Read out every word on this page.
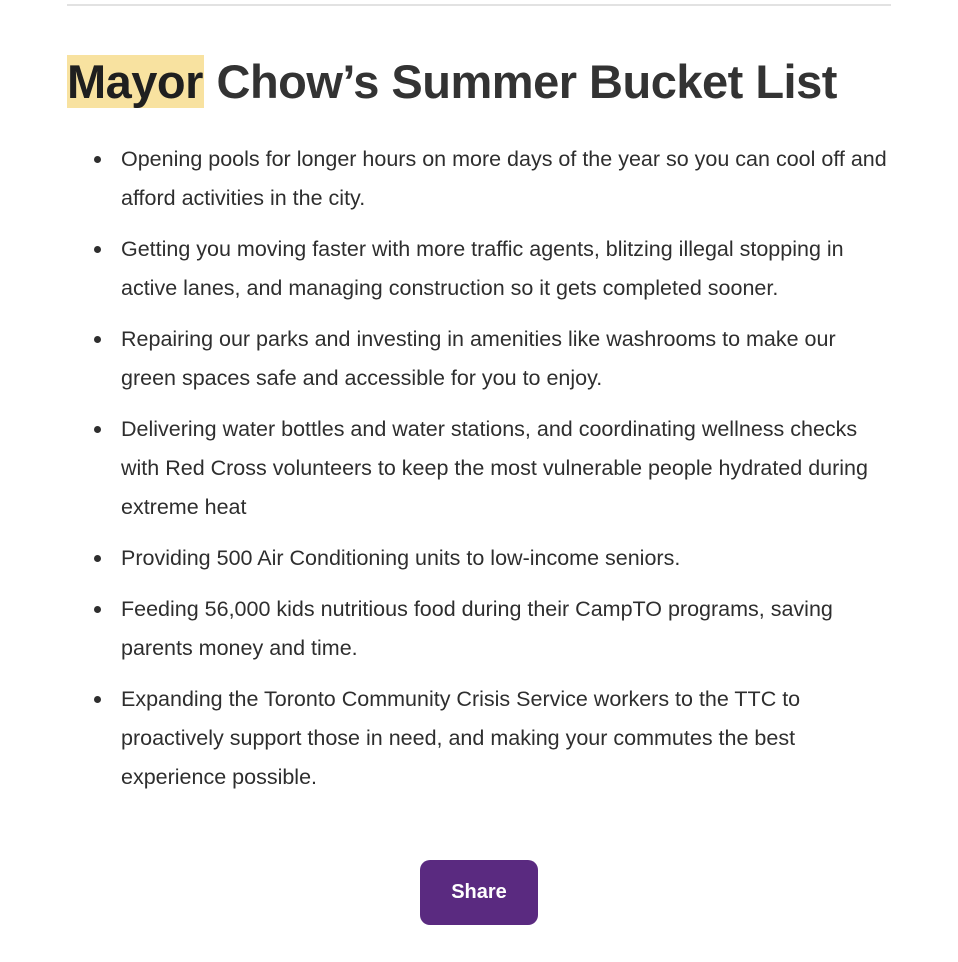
Mayor Chow’s Summer Bucket List
Opening pools for longer hours on more days of the year so you can cool off and afford activities in the city.
Getting you moving faster with more traffic agents, blitzing illegal stopping in active lanes, and managing construction so it gets completed sooner.
Repairing our parks and investing in amenities like washrooms to make our green spaces safe and accessible for you to enjoy.
Delivering water bottles and water stations, and coordinating wellness checks with Red Cross volunteers to keep the most vulnerable people hydrated during extreme heat
Providing 500 Air Conditioning units to low-income seniors.
Feeding 56,000 kids nutritious food during their CampTO programs, saving parents money and time.
Expanding the Toronto Community Crisis Service workers to the TTC to proactively support those in need, and making your commutes the best experience possible.
Share
